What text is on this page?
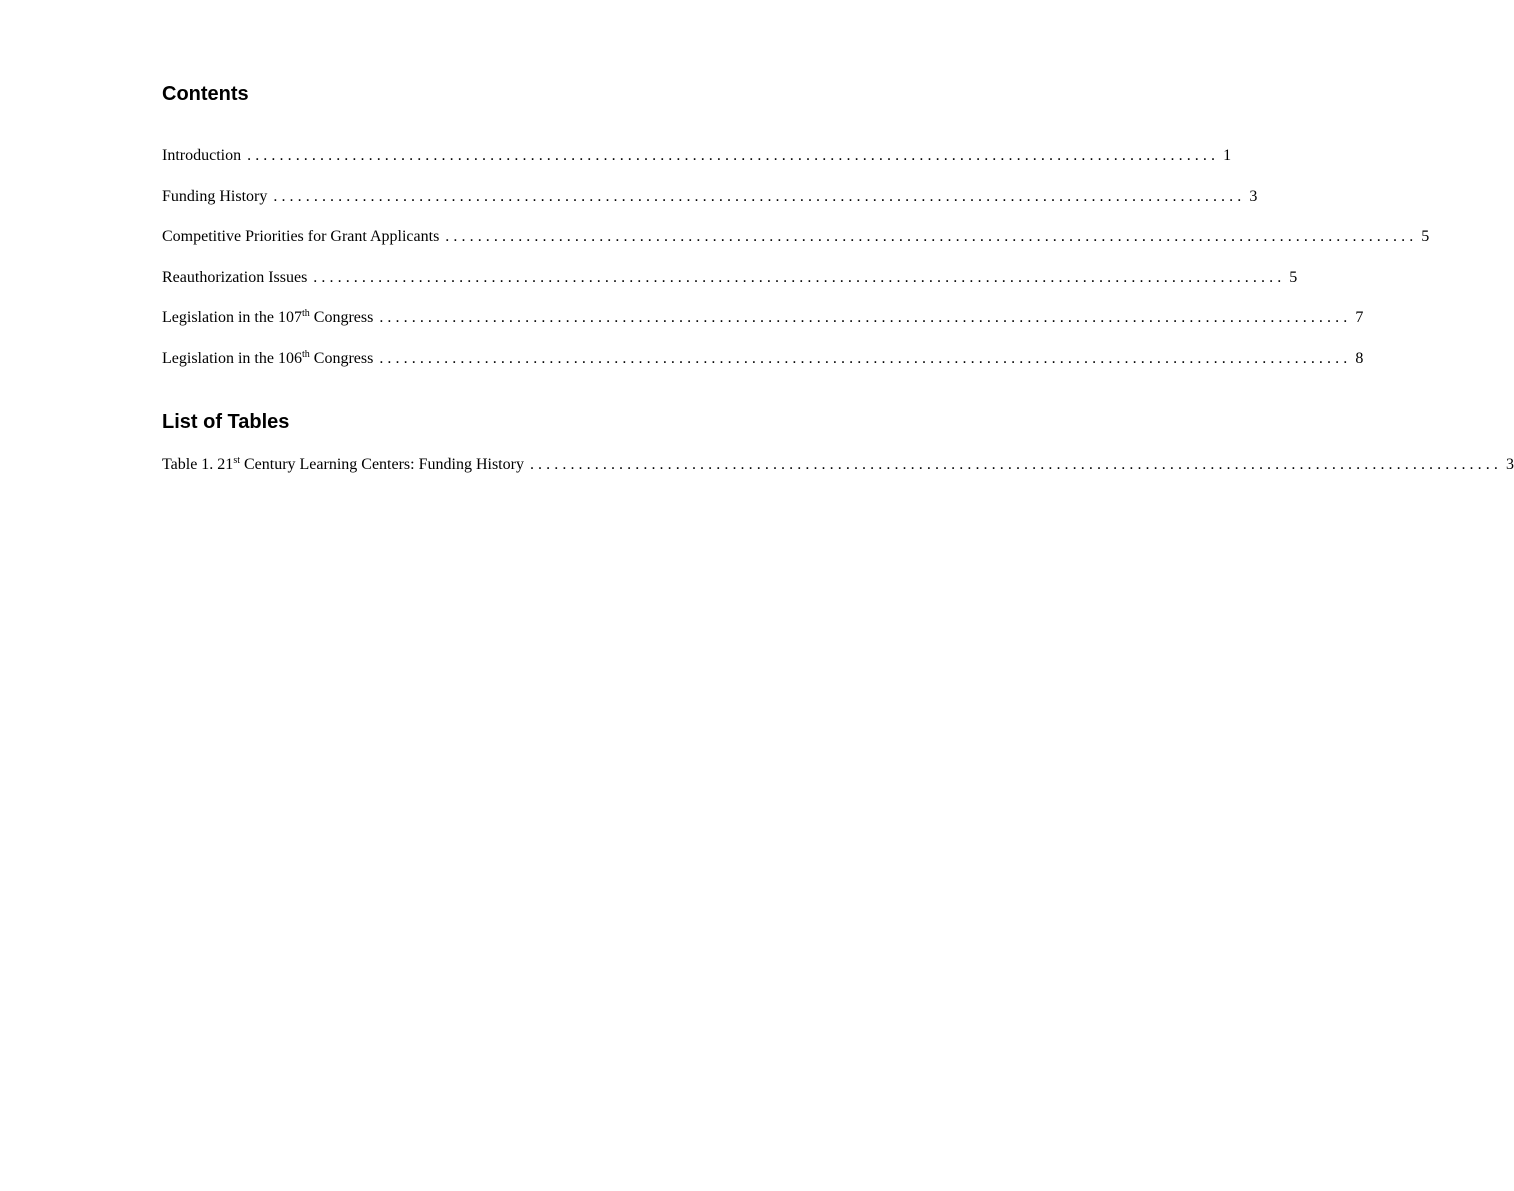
Contents
Introduction ........................................................................................................................ 1
Funding History ........................................................................................................................ 3
Competitive Priorities for Grant Applicants ........................................................................................................................ 5
Reauthorization Issues ........................................................................................................................ 5
Legislation in the 107th Congress ........................................................................................................................ 7
Legislation in the 106th Congress ........................................................................................................................ 8
List of Tables
Table 1. 21st Century Learning Centers: Funding History ........................................................................................................................ 3
